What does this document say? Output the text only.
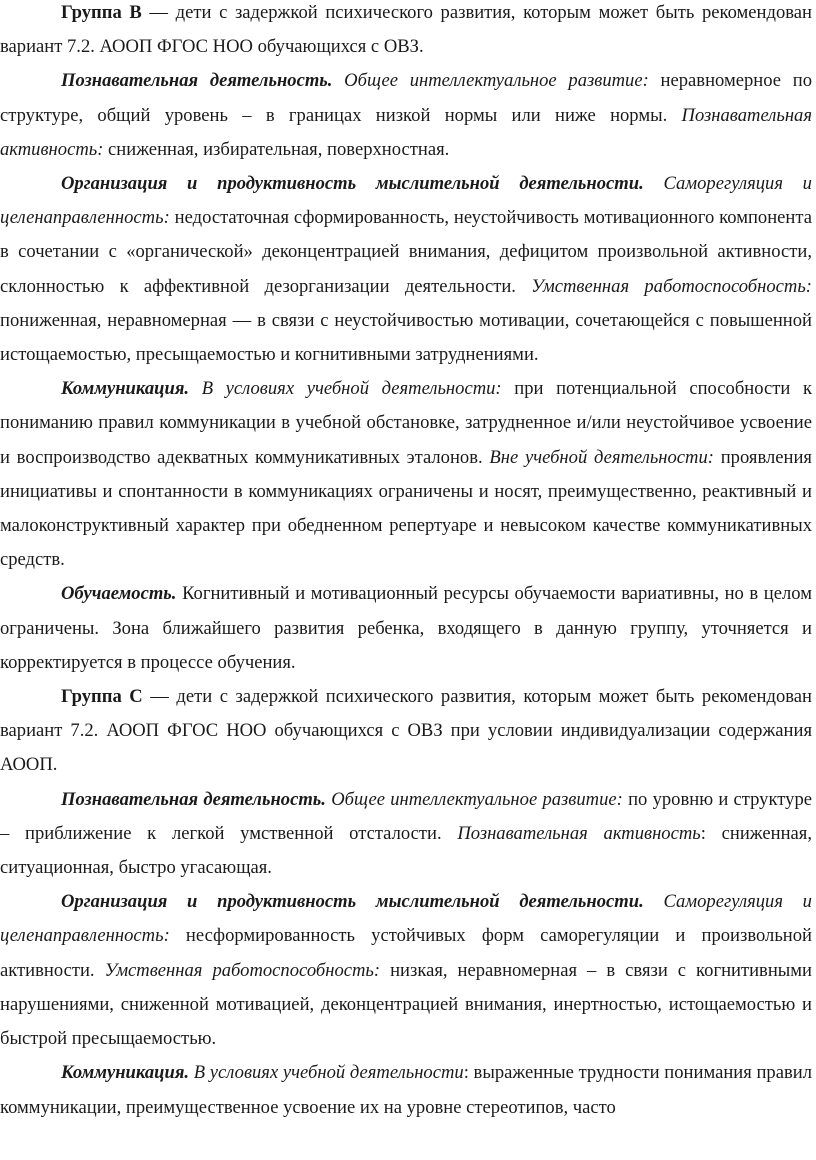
Группа В — дети с задержкой психического развития, которым может быть рекомендован вариант 7.2. АООП ФГОС НОО обучающихся с ОВЗ.

Познавательная деятельность. Общее интеллектуальное развитие: неравномерное по структуре, общий уровень – в границах низкой нормы или ниже нормы. Познавательная активность: сниженная, избирательная, поверхностная.

Организация и продуктивность мыслительной деятельности. Саморегуляция и целенаправленность: недостаточная сформированность, неустойчивость мотивационного компонента в сочетании с «органической» деконцентрацией внимания, дефицитом произвольной активности, склонностью к аффективной дезорганизации деятельности. Умственная работоспособность: пониженная, неравномерная — в связи с неустойчивостью мотивации, сочетающейся с повышенной истощаемостью, пресыщаемостью и когнитивными затруднениями.

Коммуникация. В условиях учебной деятельности: при потенциальной способности к пониманию правил коммуникации в учебной обстановке, затрудненное и/или неустойчивое усвоение и воспроизводство адекватных коммуникативных эталонов. Вне учебной деятельности: проявления инициативы и спонтанности в коммуникациях ограничены и носят, преимущественно, реактивный и малоконструктивный характер при обедненном репертуаре и невысоком качестве коммуникативных средств.

Обучаемость. Когнитивный и мотивационный ресурсы обучаемости вариативны, но в целом ограничены. Зона ближайшего развития ребенка, входящего в данную группу, уточняется и корректируется в процессе обучения.

Группа С — дети с задержкой психического развития, которым может быть рекомендован вариант 7.2. АООП ФГОС НОО обучающихся с ОВЗ при условии индивидуализации содержания АООП.

Познавательная деятельность. Общее интеллектуальное развитие: по уровню и структуре – приближение к легкой умственной отсталости. Познавательная активность: сниженная, ситуационная, быстро угасающая.

Организация и продуктивность мыслительной деятельности. Саморегуляция и целенаправленность: несформированность устойчивых форм саморегуляции и произвольной активности. Умственная работоспособность: низкая, неравномерная – в связи с когнитивными нарушениями, сниженной мотивацией, деконцентрацией внимания, инертностью, истощаемостью и быстрой пресыщаемостью.

Коммуникация. В условиях учебной деятельности: выраженные трудности понимания правил коммуникации, преимущественное усвоение их на уровне стереотипов, часто
